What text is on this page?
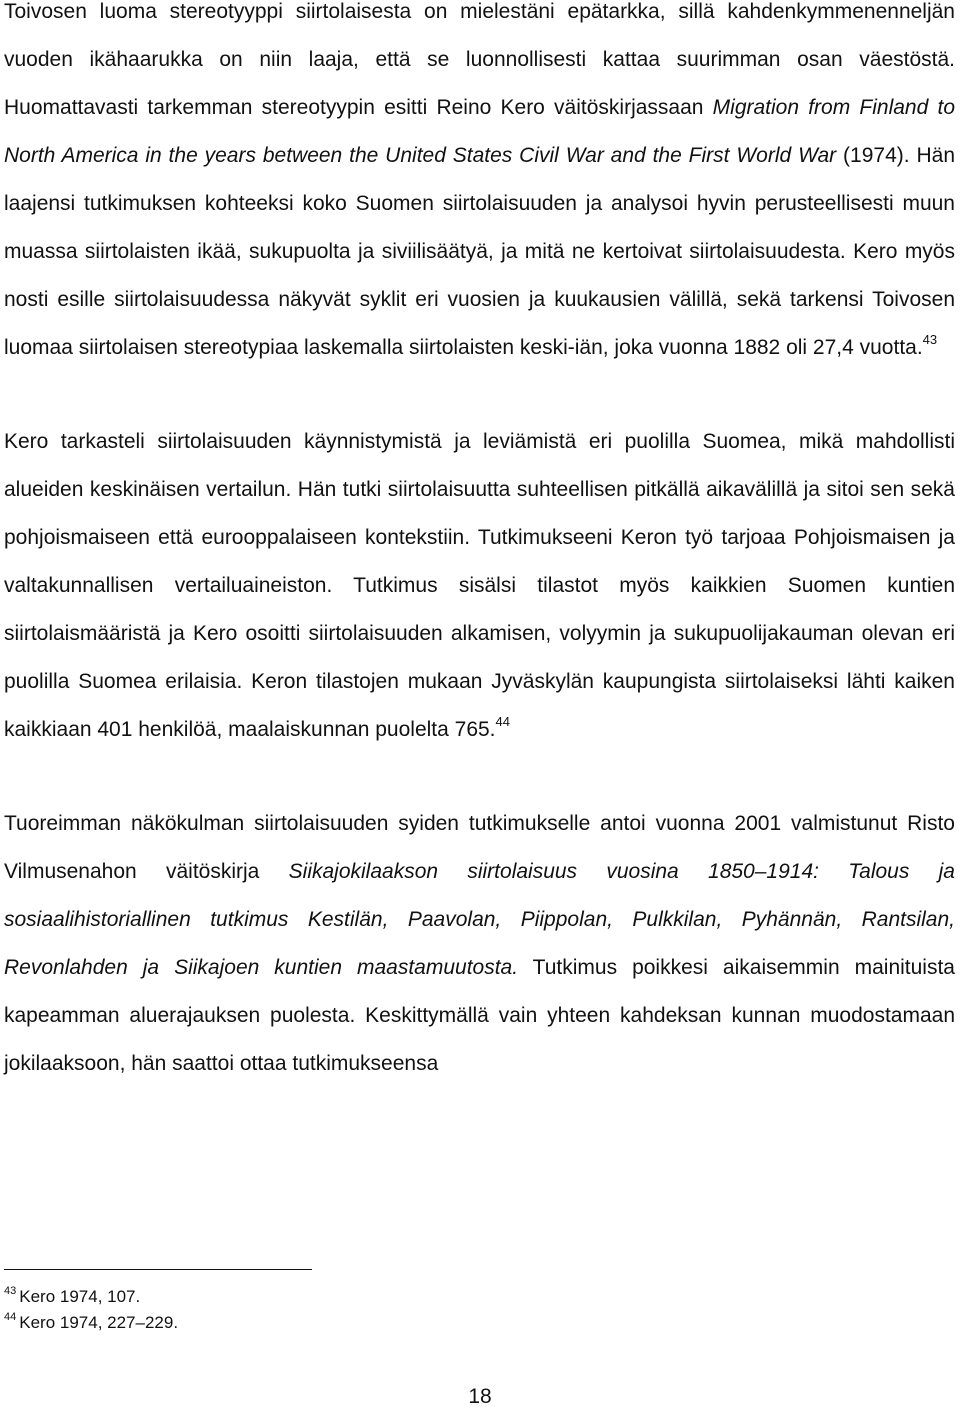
Toivosen luoma stereotyyppi siirtolaisesta on mielestäni epätarkka, sillä kahdenkymmenenneljän vuoden ikähaarukka on niin laaja, että se luonnollisesti kattaa suurimman osan väestöstä. Huomattavasti tarkemman stereotyypin esitti Reino Kero väitöskirjassaan Migration from Finland to North America in the years between the United States Civil War and the First World War (1974). Hän laajensi tutkimuksen kohteeksi koko Suomen siirtolaisuuden ja analysoi hyvin perusteellisesti muun muassa siirtolaisten ikää, sukupuolta ja siviilisäätyä, ja mitä ne kertoivat siirtolaisuudesta. Kero myös nosti esille siirtolaisuudessa näkyvät syklit eri vuosien ja kuukausien välillä, sekä tarkensi Toivosen luomaa siirtolaisen stereotypiaa laskemalla siirtolaisten keski-iän, joka vuonna 1882 oli 27,4 vuotta.$^{43}$

Kero tarkasteli siirtolaisuuden käynnistymistä ja leviämistä eri puolilla Suomea, mikä mahdollisti alueiden keskinäisen vertailun. Hän tutki siirtolaisuutta suhteellisen pitkällä aikavälillä ja sitoi sen sekä pohjoismaiseen että eurooppalaiseen kontekstiin. Tutkimukseeni Keron työ tarjoaa Pohjoismaisen ja valtakunnallisen vertailuaineiston. Tutkimus sisälsi tilastot myös kaikkien Suomen kuntien siirtolaismääristä ja Kero osoitti siirtolaisuuden alkamisen, volyymin ja sukupuolijakauman olevan eri puolilla Suomea erilaisia. Keron tilastojen mukaan Jyväskylän kaupungista siirtolaiseksi lähti kaiken kaikkiaan 401 henkilöä, maalaiskunnan puolelta 765.44

Tuoreimman näkökulman siirtolaisuuden syiden tutkimukselle antoi vuonna 2001 valmistunut Risto Vilmusenahon väitöskirja Siikajokilaakson siirtolaisuus vuosina 1850–1914: Talous ja sosiaalihistoriallinen tutkimus Kestilän, Paavolan, Piippolan, Pulkkilan, Pyhännän, Rantsilan, Revonlahden ja Siikajoen kuntien maastamuutosta. Tutkimus poikkesi aikaisemmin mainituista kapeamman aluerajauksen puolesta. Keskittymällä vain yhteen kahdeksan kunnan muodostamaan jokilaaksoon, hän saattoi ottaa tutkimukseensa

$^{43}$ Kero 1974, 107.

$^{44}$ Kero 1974, 227–229.

18
